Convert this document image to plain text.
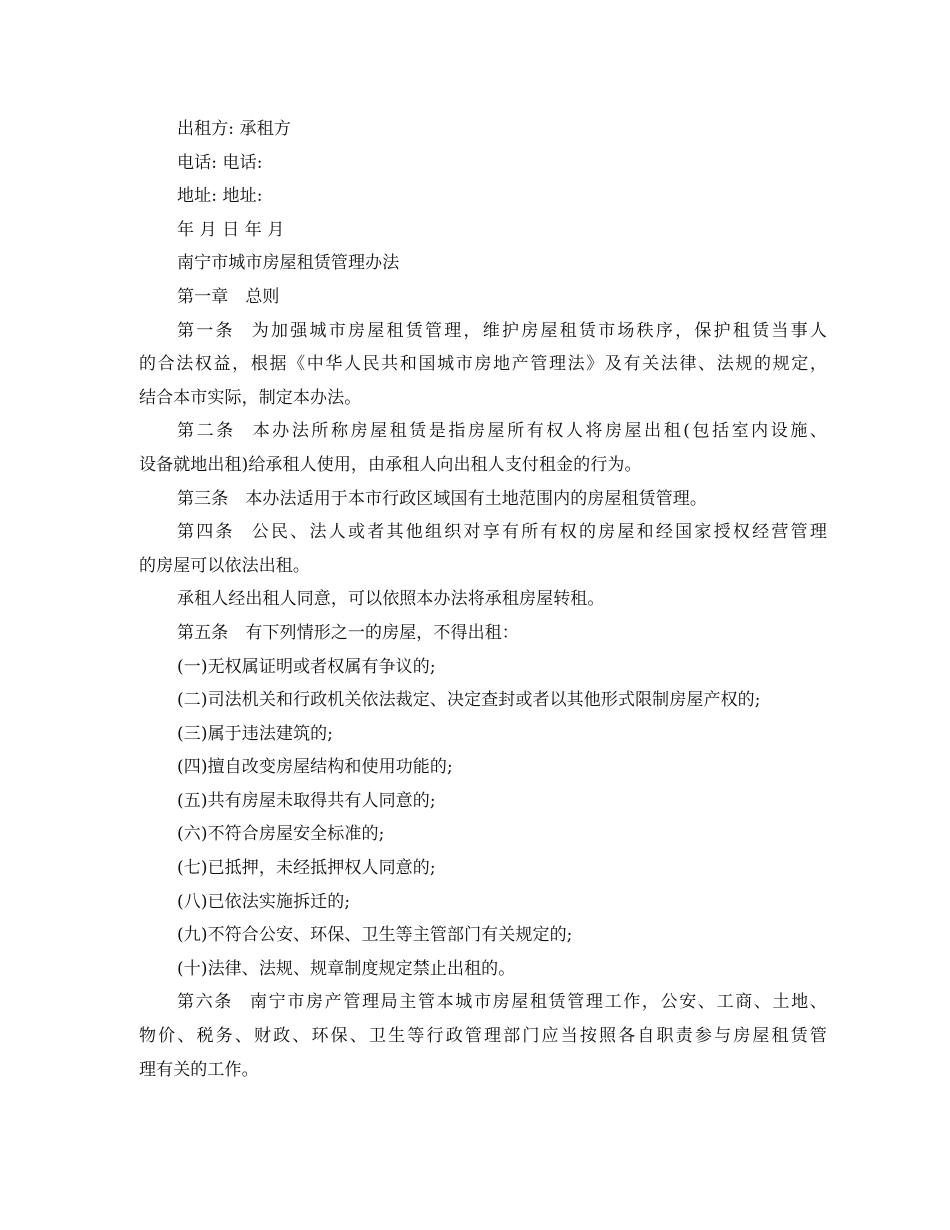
出租方: 承租方
电话: 电话:
地址: 地址:
年 月 日 年 月
南宁市城市房屋租赁管理办法
第一章 总则
第一条 为加强城市房屋租赁管理，维护房屋租赁市场秩序，保护租赁当事人
的合法权益，根据《中华人民共和国城市房地产管理法》及有关法律、法规的规定，
结合本市实际，制定本办法。
第二条 本办法所称房屋租赁是指房屋所有权人将房屋出租(包括室内设施、
设备就地出租)给承租人使用，由承租人向出租人支付租金的行为。
第三条 本办法适用于本市行政区域国有土地范围内的房屋租赁管理。
第四条 公民、法人或者其他组织对享有所有权的房屋和经国家授权经营管理
的房屋可以依法出租。
承租人经出租人同意，可以依照本办法将承租房屋转租。
第五条 有下列情形之一的房屋，不得出租：
(一)无权属证明或者权属有争议的;
(二)司法机关和行政机关依法裁定、决定查封或者以其他形式限制房屋产权的;
(三)属于违法建筑的;
(四)擅自改变房屋结构和使用功能的;
(五)共有房屋未取得共有人同意的;
(六)不符合房屋安全标准的;
(七)已抵押，未经抵押权人同意的;
(八)已依法实施拆迁的;
(九)不符合公安、环保、卫生等主管部门有关规定的;
(十)法律、法规、规章制度规定禁止出租的。
第六条 南宁市房产管理局主管本城市房屋租赁管理工作，公安、工商、土地、
物价、税务、财政、环保、卫生等行政管理部门应当按照各自职责参与房屋租赁管
理有关的工作。
